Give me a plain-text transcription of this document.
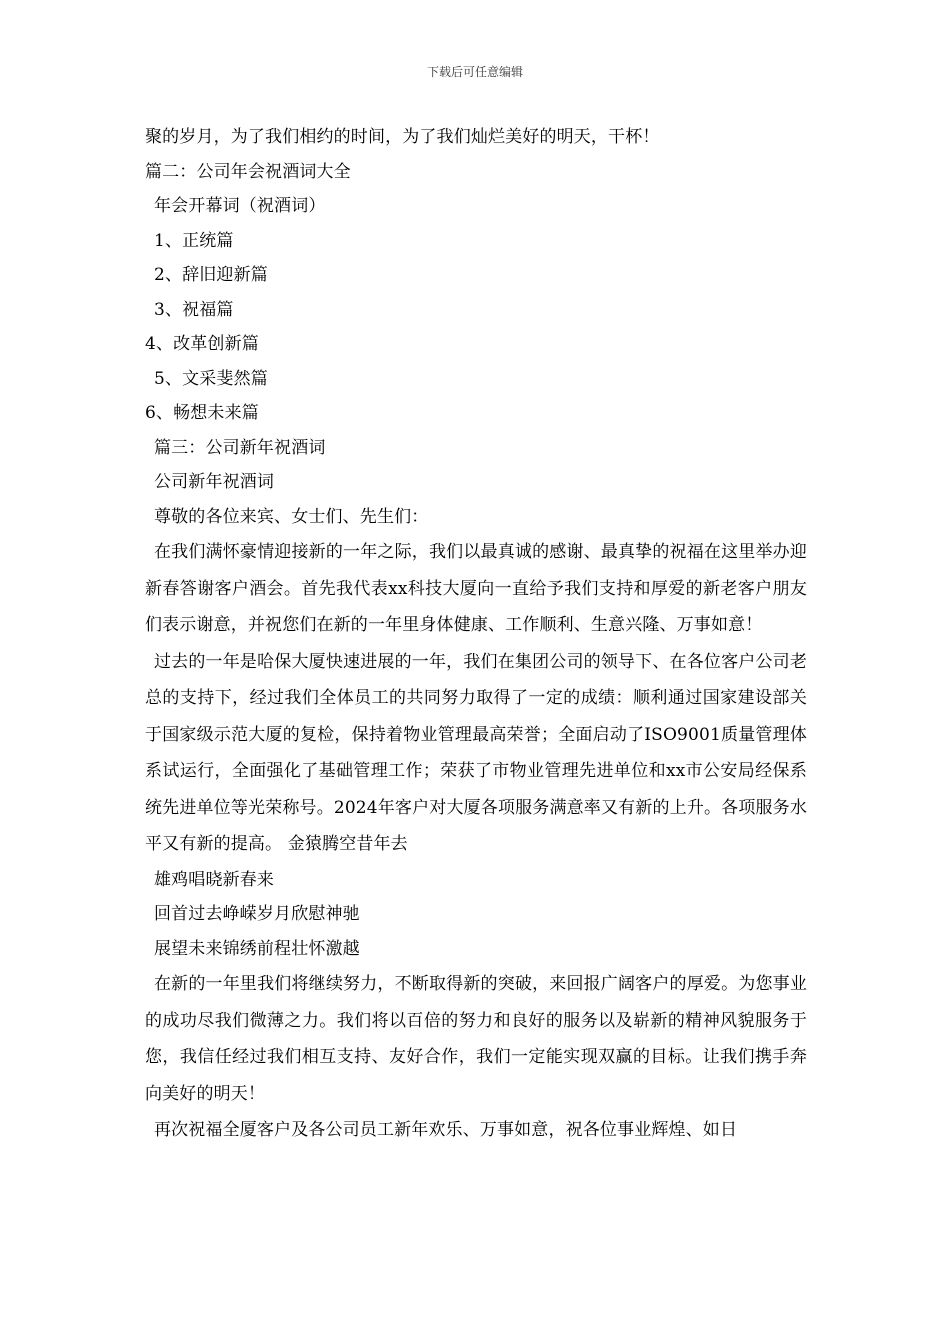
下载后可任意编辑
聚的岁月，为了我们相约的时间，为了我们灿烂美好的明天，干杯！
篇二：公司年会祝酒词大全
年会开幕词（祝酒词）
1、正统篇
2、辞旧迎新篇
3、祝福篇
4、改革创新篇
5、文采斐然篇
6、畅想未来篇
篇三：公司新年祝酒词
公司新年祝酒词
尊敬的各位来宾、女士们、先生们：
在我们满怀豪情迎接新的一年之际，我们以最真诚的感谢、最真挚的祝福在这里举办迎新春答谢客户酒会。首先我代表xx科技大厦向一直给予我们支持和厚爱的新老客户朋友们表示谢意，并祝您们在新的一年里身体健康、工作顺利、生意兴隆、万事如意！
过去的一年是哈保大厦快速进展的一年，我们在集团公司的领导下、在各位客户公司老总的支持下，经过我们全体员工的共同努力取得了一定的成绩：顺利通过国家建设部关于国家级示范大厦的复检，保持着物业管理最高荣誉；全面启动了ISO9001质量管理体系试运行，全面强化了基础管理工作；荣获了市物业管理先进单位和xx市公安局经保系统先进单位等光荣称号。2024年客户对大厦各项服务满意率又有新的上升。各项服务水平又有新的提高。 金猿腾空昔年去
雄鸡唱晓新春来
回首过去峥嵘岁月欣慰神驰
展望未来锦绣前程壮怀激越
在新的一年里我们将继续努力，不断取得新的突破，来回报广阔客户的厚爱。为您事业的成功尽我们微薄之力。我们将以百倍的努力和良好的服务以及崭新的精神风貌服务于您，我信任经过我们相互支持、友好合作，我们一定能实现双赢的目标。让我们携手奔向美好的明天！
再次祝福全厦客户及各公司员工新年欢乐、万事如意，祝各位事业辉煌、如日
